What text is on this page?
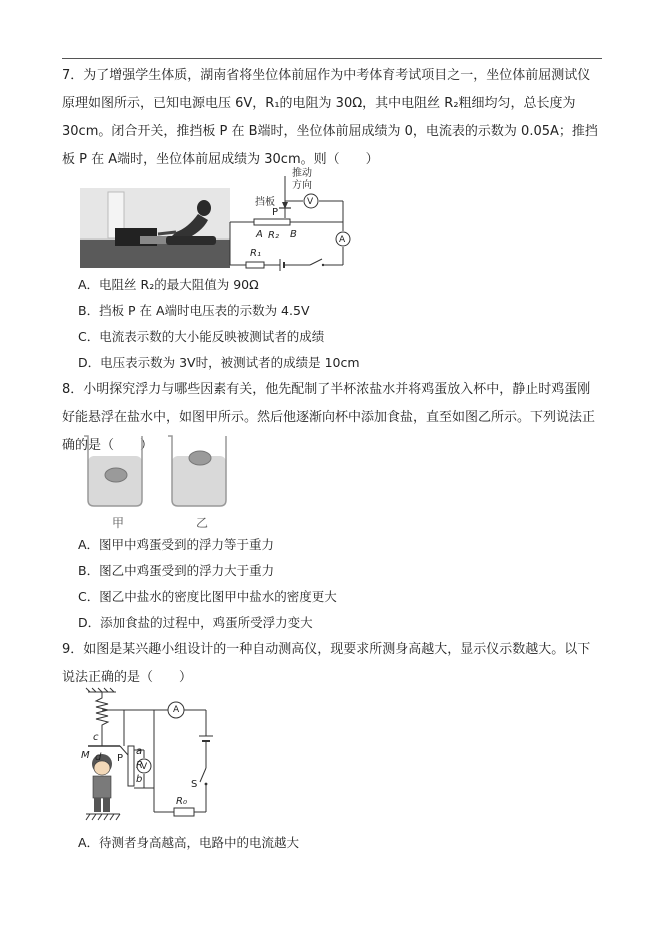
7．为了增强学生体质，湖南省将坐位体前屈作为中考体育考试项目之一，坐位体前屈测试仪原理如图所示，已知电源电压 6V，R₁的电阻为 30Ω，其中电阻丝 R₂粗细均匀，总长度为 30cm。闭合开关，推挡板 P 在 B端时，坐位体前屈成绩为 0，电流表的示数为 0.05A；推挡板 P 在 A端时，坐位体前屈成绩为 30cm。则（　　）
推动方向
挡板
P
A R₂ B
R₁
V
A
A．电阻丝 R₂的最大阻值为 90Ω
B．挡板 P 在 A端时电压表的示数为 4.5V
C．电流表示数的大小能反映被测试者的成绩
D．电压表示数为 3V时，被测试者的成绩是 10cm
8．小明探究浮力与哪些因素有关，他先配制了半杯浓盐水并将鸡蛋放入杯中，静止时鸡蛋刚好能悬浮在盐水中，如图甲所示。然后他逐渐向杯中添加食盐，直至如图乙所示。下列说法正确的是（　　）
甲	乙
A．图甲中鸡蛋受到的浮力等于重力
B．图乙中鸡蛋受到的浮力大于重力
C．图乙中盐水的密度比图甲中盐水的密度更大
D．添加食盐的过程中，鸡蛋所受浮力变大
9．如图是某兴趣小组设计的一种自动测高仪，现要求所测身高越大，显示仪示数越大。以下说法正确的是（　　）
c
M d P
a
R
b
V
A
S
R₀
A．待测者身高越高，电路中的电流越大
